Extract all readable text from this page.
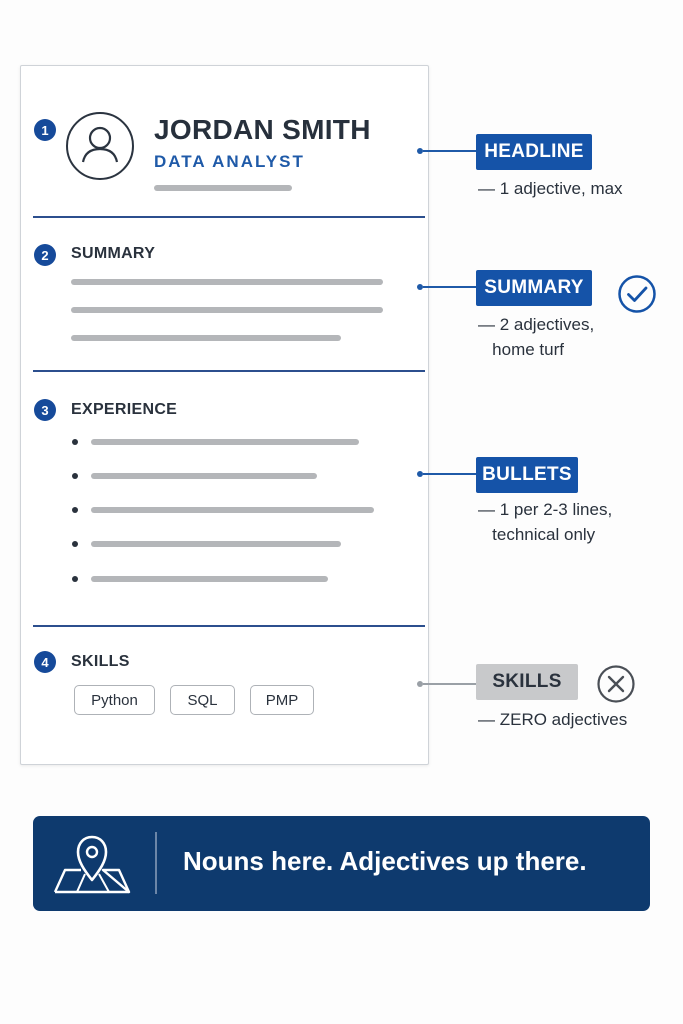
1	JORDAN SMITH
DATA ANALYST
2	SUMMARY
3	EXPERIENCE
4	SKILLS
Python	SQL	PMP
HEADLINE
— 1 adjective, max
SUMMARY
— 2 adjectives,
home turf
BULLETS
— 1 per 2-3 lines,
technical only
SKILLS
— ZERO adjectives
Nouns here. Adjectives up there.
